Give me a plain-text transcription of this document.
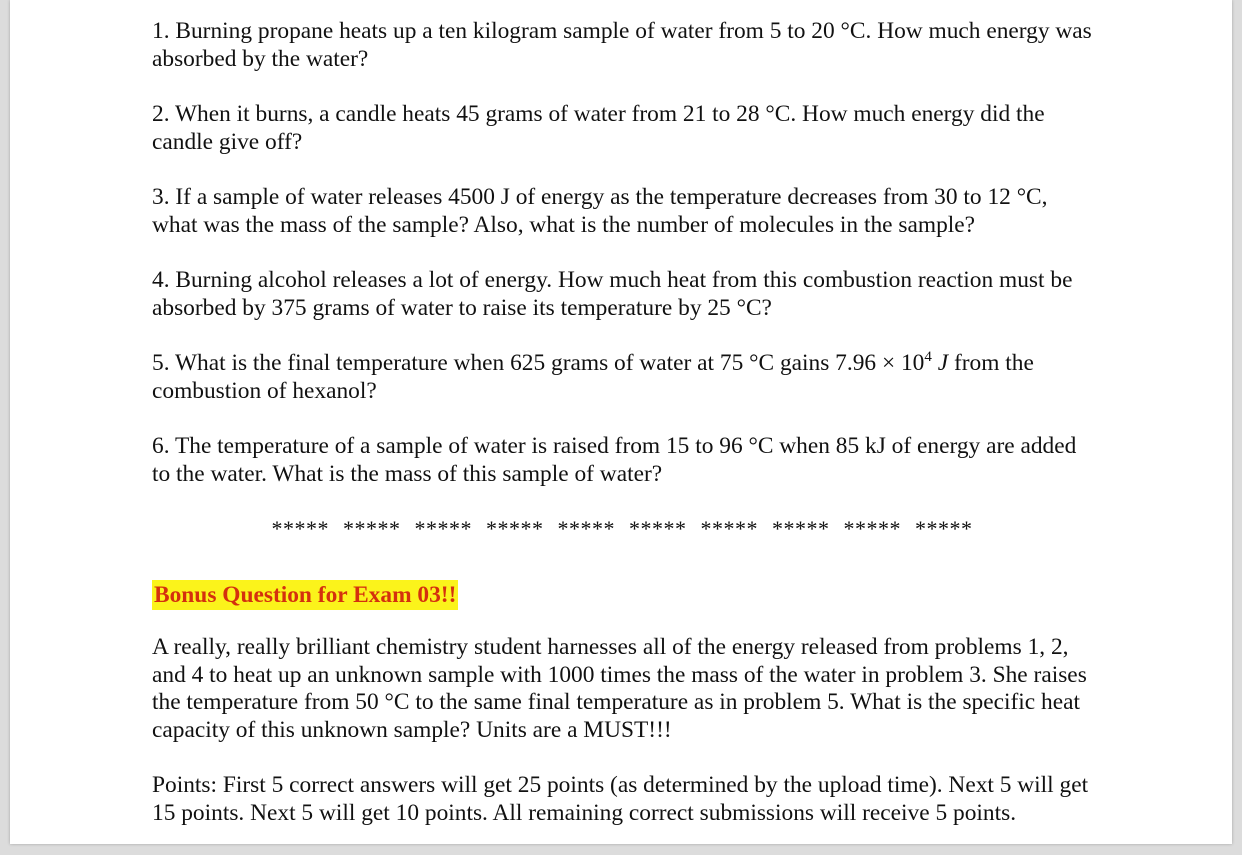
1. Burning propane heats up a ten kilogram sample of water from 5 to 20 °C. How much energy was absorbed by the water?

2. When it burns, a candle heats 45 grams of water from 21 to 28 °C. How much energy did the candle give off?

3. If a sample of water releases 4500 J of energy as the temperature decreases from 30 to 12 °C, what was the mass of the sample? Also, what is the number of molecules in the sample?

4. Burning alcohol releases a lot of energy. How much heat from this combustion reaction must be absorbed by 375 grams of water to raise its temperature by 25 °C?

5. What is the final temperature when 625 grams of water at 75 °C gains $7.96 \times 10^4$ J from the combustion of hexanol?

6. The temperature of a sample of water is raised from 15 to 96 °C when 85 kJ of energy are added to the water. What is the mass of this sample of water?

***** ***** ***** ***** ***** ***** ***** ***** ***** *****
Bonus Question for Exam 03!!

A really, really brilliant chemistry student harnesses all of the energy released from problems 1, 2, and 4 to heat up an unknown sample with 1000 times the mass of the water in problem 3. She raises the temperature from 50 °C to the same final temperature as in problem 5. What is the specific heat capacity of this unknown sample? Units are a MUST!!!

Points: First 5 correct answers will get 25 points (as determined by the upload time). Next 5 will get 15 points. Next 5 will get 10 points. All remaining correct submissions will receive 5 points.
